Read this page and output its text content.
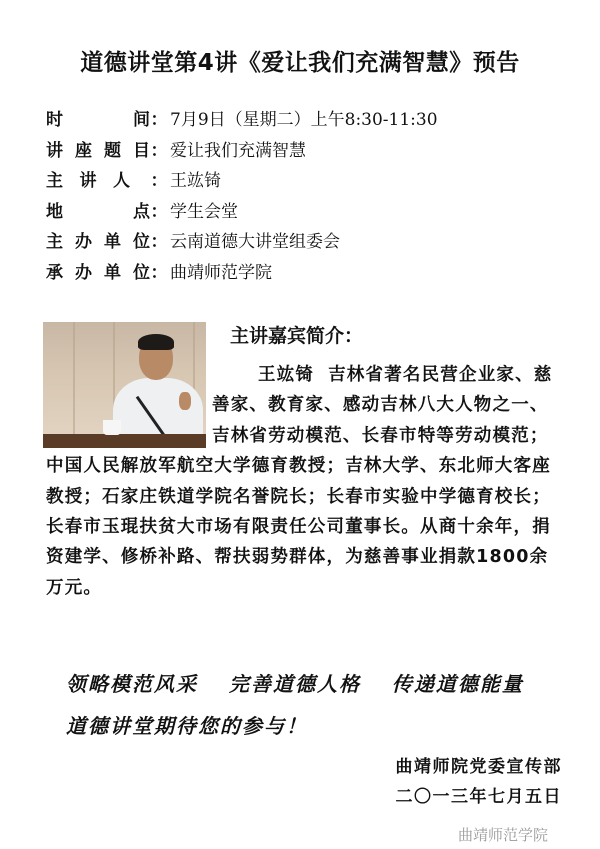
道德讲堂第4讲《爱让我们充满智慧》预告
时	间 ： 7月9日（星期二）上午8:30-11:30
讲 座 题 目 ： 爱让我们充满智慧
主 讲 人 ： 王竑锜
地	点 ： 学生会堂
主 办 单 位 ： 云南道德大讲堂组委会
承 办 单 位 ： 曲靖师范学院
主讲嘉宾简介：
王竑锜 吉林省著名民营企业家、慈善家、教育家、感动吉林八大人物之一、吉林省劳动模范、长春市特等劳动模范；中国人民解放军航空大学德育教授；吉林大学、东北师大客座教授；石家庄铁道学院名誉院长；长春市实验中学德育校长；长春市玉琨扶贫大市场有限责任公司董事长。从商十余年，捐资建学、修桥补路、帮扶弱势群体，为慈善事业捐款1800余万元。
领略模范风采 完善道德人格 传递道德能量
道德讲堂期待您的参与！
曲靖师院党委宣传部
二〇一三年七月五日
曲靖师范学院
